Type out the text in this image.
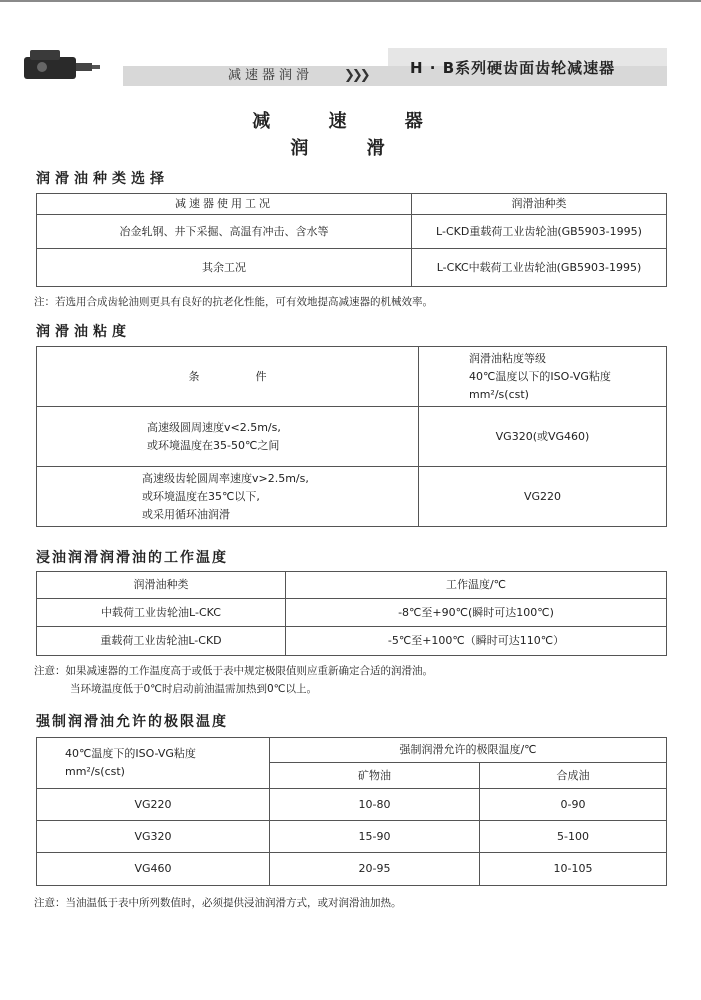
减速器润滑 ❯❯❯	H · B系列硬齿面齿轮减速器
减 速 器
润 滑
润滑油种类选择
减速器使用工况	润滑油种类
冶金轧钢、井下采掘、高温有冲击、含水等	L-CKD重载荷工业齿轮油(GB5903-1995)
其余工况	L-CKC中载荷工业齿轮油(GB5903-1995)
注：若选用合成齿轮油则更具有良好的抗老化性能，可有效地提高减速器的机械效率。
润滑油粘度
条                件	润滑油粘度等级
40℃温度以下的ISO-VG粘度
mm²/s(cst)

高速级圆周速度v<2.5m/s,
或环境温度在35-50℃之间	VG320(或VG460)

高速级齿轮圆周率速度v>2.5m/s,
或环境温度在35℃以下,
或采用循环油润滑	VG220
浸油润滑润滑油的工作温度
润滑油种类	工作温度/℃
中载荷工业齿轮油L-CKC	-8℃至+90℃(瞬时可达100℃)
重载荷工业齿轮油L-CKD	-5℃至+100℃（瞬时可达110℃）
注意：如果减速器的工作温度高于或低于表中规定极限值则应重新确定合适的润滑油。
当环境温度低于0℃时启动前油温需加热到0℃以上。
强制润滑油允许的极限温度
40℃温度下的ISO-VG粘度
mm²/s(cst)	强制润滑允许的极限温度/℃	
	矿物油	合成油
VG220	10-80	0-90
VG320	15-90	5-100
VG460	20-95	10-105
注意：当油温低于表中所列数值时，必须提供浸油润滑方式，或对润滑油加热。
